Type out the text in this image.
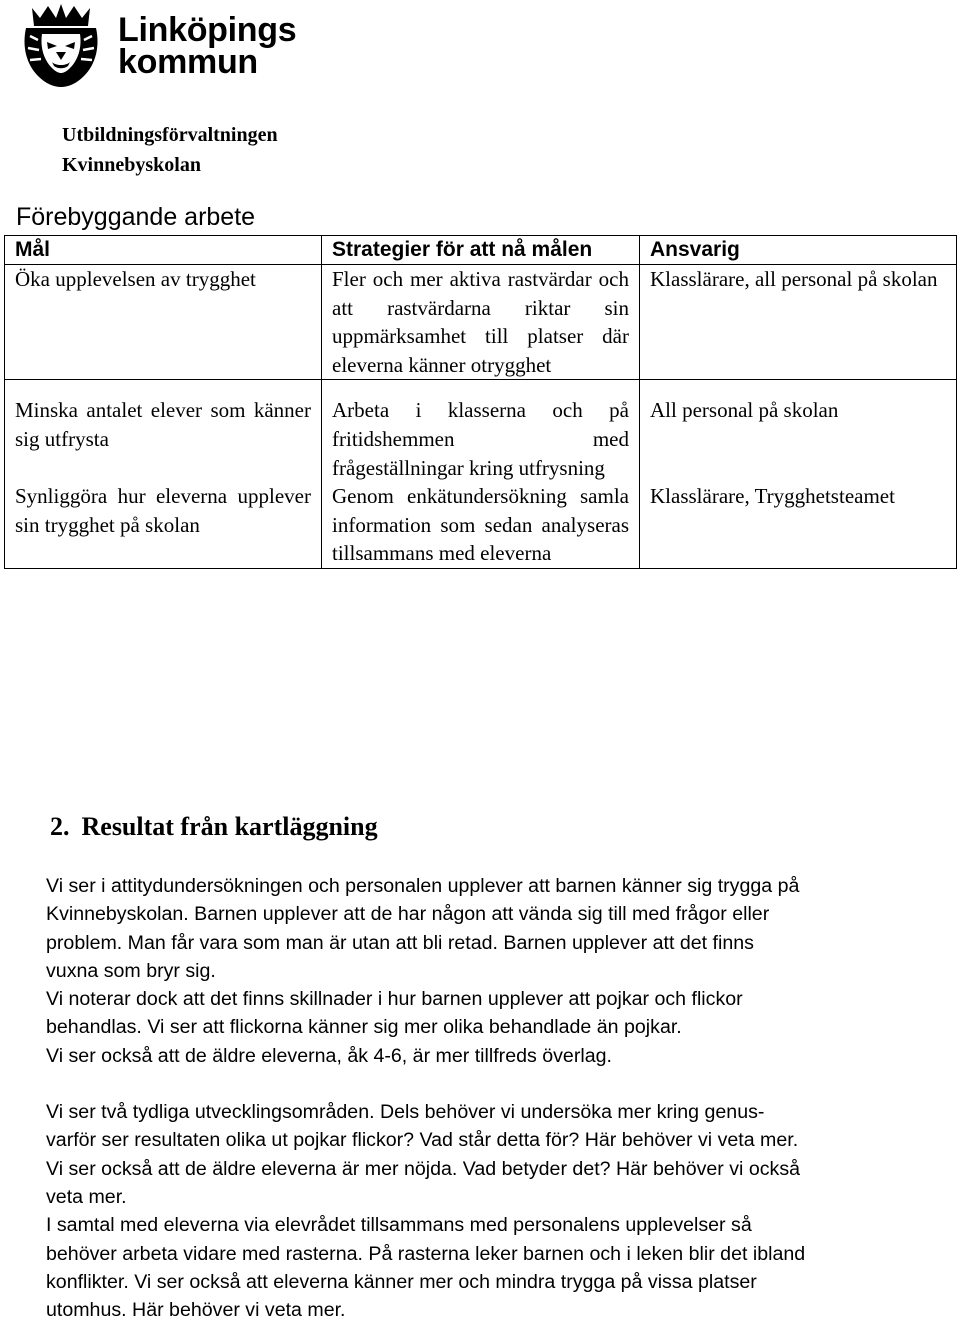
Linköpings
kommun
Utbildningsförvaltningen
Kvinnebyskolan
Förebyggande arbete
Mål	Strategier för att nå målen	Ansvarig
Öka upplevelsen av trygghet	Fler och mer aktiva rastvärdar och att rastvärdarna riktar sin uppmärksamhet till platser där eleverna känner otrygghet	Klasslärare, all personal på skolan
Minska antalet elever som känner sig utfrysta	Arbeta i klasserna och på fritidshemmen med frågeställningar kring utfrysning	All personal på skolan
Synliggöra hur eleverna upplever sin trygghet på skolan	Genom enkätundersökning samla information som sedan analyseras tillsammans med eleverna	Klasslärare, Trygghetsteamet
2. Resultat från kartläggning

Vi ser i attitydundersökningen och personalen upplever att barnen känner sig trygga på
Kvinnebyskolan. Barnen upplever att de har någon att vända sig till med frågor eller
problem. Man får vara som man är utan att bli retad. Barnen upplever att det finns
vuxna som bryr sig.

Vi noterar dock att det finns skillnader i hur barnen upplever att pojkar och flickor
behandlas. Vi ser att flickorna känner sig mer olika behandlade än pojkar.

Vi ser också att de äldre eleverna, åk 4-6, är mer tillfreds överlag.

Vi ser två tydliga utvecklingsområden. Dels behöver vi undersöka mer kring genus-
varför ser resultaten olika ut pojkar flickor? Vad står detta för? Här behöver vi veta mer.
Vi ser också att de äldre eleverna är mer nöjda. Vad betyder det? Här behöver vi också
veta mer.

I samtal med eleverna via elevrådet tillsammans med personalens upplevelser så
behöver arbeta vidare med rasterna. På rasterna leker barnen och i leken blir det ibland
konflikter. Vi ser också att eleverna känner mer och mindra trygga på vissa platser
utomhus. Här behöver vi veta mer.
